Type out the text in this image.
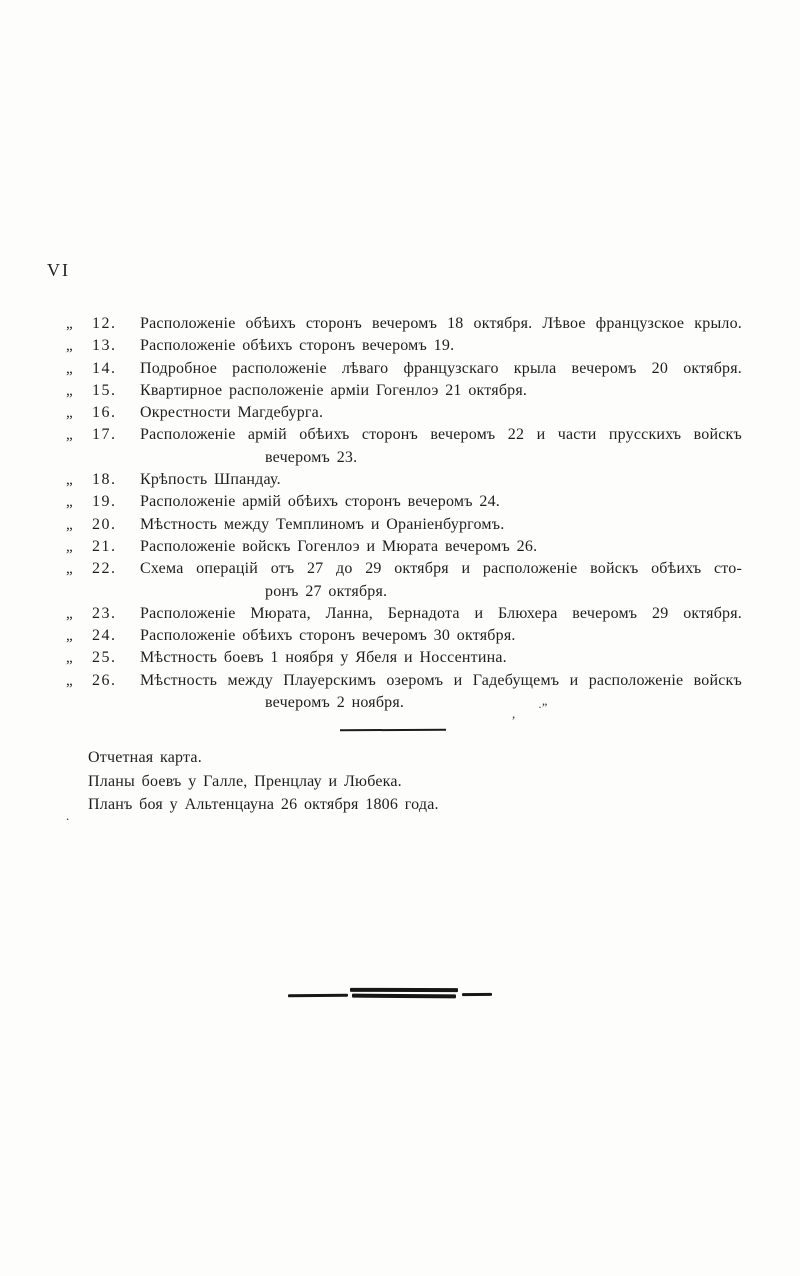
VI
„ 12. Расположеніе обѣихъ сторонъ вечеромъ 18 октября. Лѣвое французское крыло.
„ 13. Расположеніе обѣихъ сторонъ вечеромъ 19.
„ 14. Подробное расположеніе лѣваго французскаго крыла вечеромъ 20 октября.
„ 15. Квартирное расположеніе арміи Гогенлоэ 21 октября.
„ 16. Окрестности Магдебурга.
„ 17. Расположеніе армій обѣихъ сторонъ вечеромъ 22 и части прусскихъ войскъ
вечеромъ 23.
„ 18. Крѣпость Шпандау.
„ 19. Расположеніе армій обѣихъ сторонъ вечеромъ 24.
„ 20. Мѣстность между Темплиномъ и Ораніенбургомъ.
„ 21. Расположеніе войскъ Гогенлоэ и Мюрата вечеромъ 26.
„ 22. Схема операцій отъ 27 до 29 октября и расположеніе войскъ обѣихъ сто-
ронъ 27 октября.
„ 23. Расположеніе Мюрата, Ланна, Бернадота и Блюхера вечеромъ 29 октября.
„ 24. Расположеніе обѣихъ сторонъ вечеромъ 30 октября.
„ 25. Мѣстность боевъ 1 ноября у Ябеля и Носсентина.
„ 26. Мѣстность между Плауерскимъ озеромъ и Гадебущемъ и расположеніе войскъ
вечеромъ 2 ноября.
, ·”
Отчетная карта.
Планы боевъ у Галле, Пренцлау и Любека.
Планъ боя у Альтенцауна 26 октября 1806 года.
.
